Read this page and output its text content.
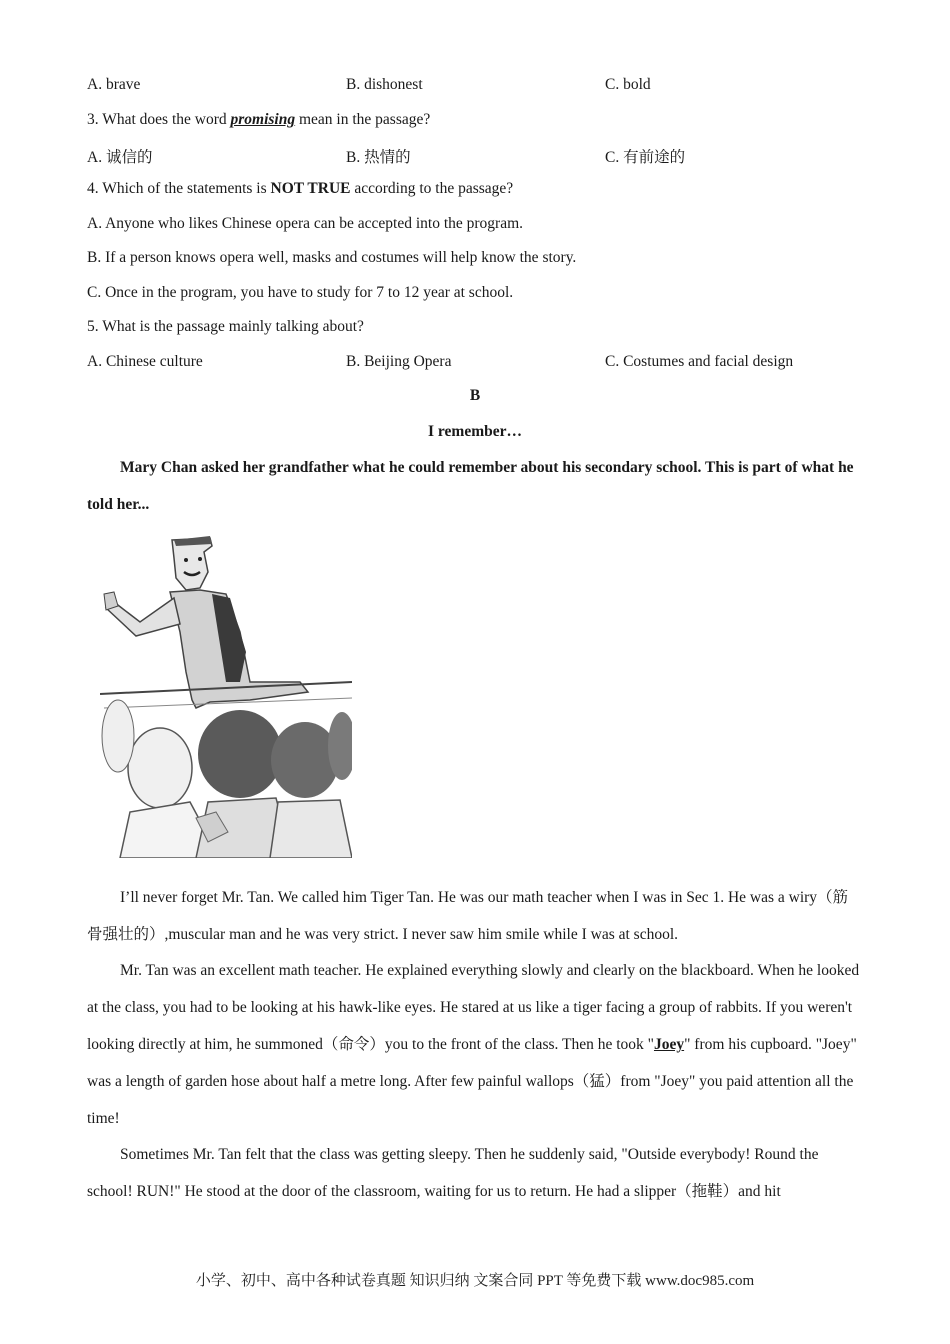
A. brave	B. dishonest	C. bold
3. What does the word promising mean in the passage?
A. 诚信的	B. 热情的	C. 有前途的
4. Which of the statements is NOT TRUE according to the passage?
A. Anyone who likes Chinese opera can be accepted into the program.
B. If a person knows opera well, masks and costumes will help know the story.
C. Once in the program, you have to study for 7 to 12 year at school.
5. What is the passage mainly talking about?
A. Chinese culture	B. Beijing Opera	C. Costumes and facial design
B
I remember…
Mary Chan asked her grandfather what he could remember about his secondary school. This is part of what he told her...
I’ll never forget Mr. Tan. We called him Tiger Tan. He was our math teacher when I was in Sec 1. He was a wiry（筋骨强壮的）,muscular man and he was very strict. I never saw him smile while I was at school.
Mr. Tan was an excellent math teacher. He explained everything slowly and clearly on the blackboard. When he looked at the class, you had to be looking at his hawk-like eyes. He stared at us like a tiger facing a group of rabbits. If you weren't looking directly at him, he summoned（命令）you to the front of the class. Then he took "Joey" from his cupboard. "Joey" was a length of garden hose about half a metre long. After few painful wallops（猛）from "Joey" you paid attention all the time!
Sometimes Mr. Tan felt that the class was getting sleepy. Then he suddenly said, "Outside everybody! Round the school! RUN!" He stood at the door of the classroom, waiting for us to return. He had a slipper（拖鞋）and hit
小学、初中、高中各种试卷真题 知识归纳 文案合同 PPT 等免费下载 www.doc985.com
